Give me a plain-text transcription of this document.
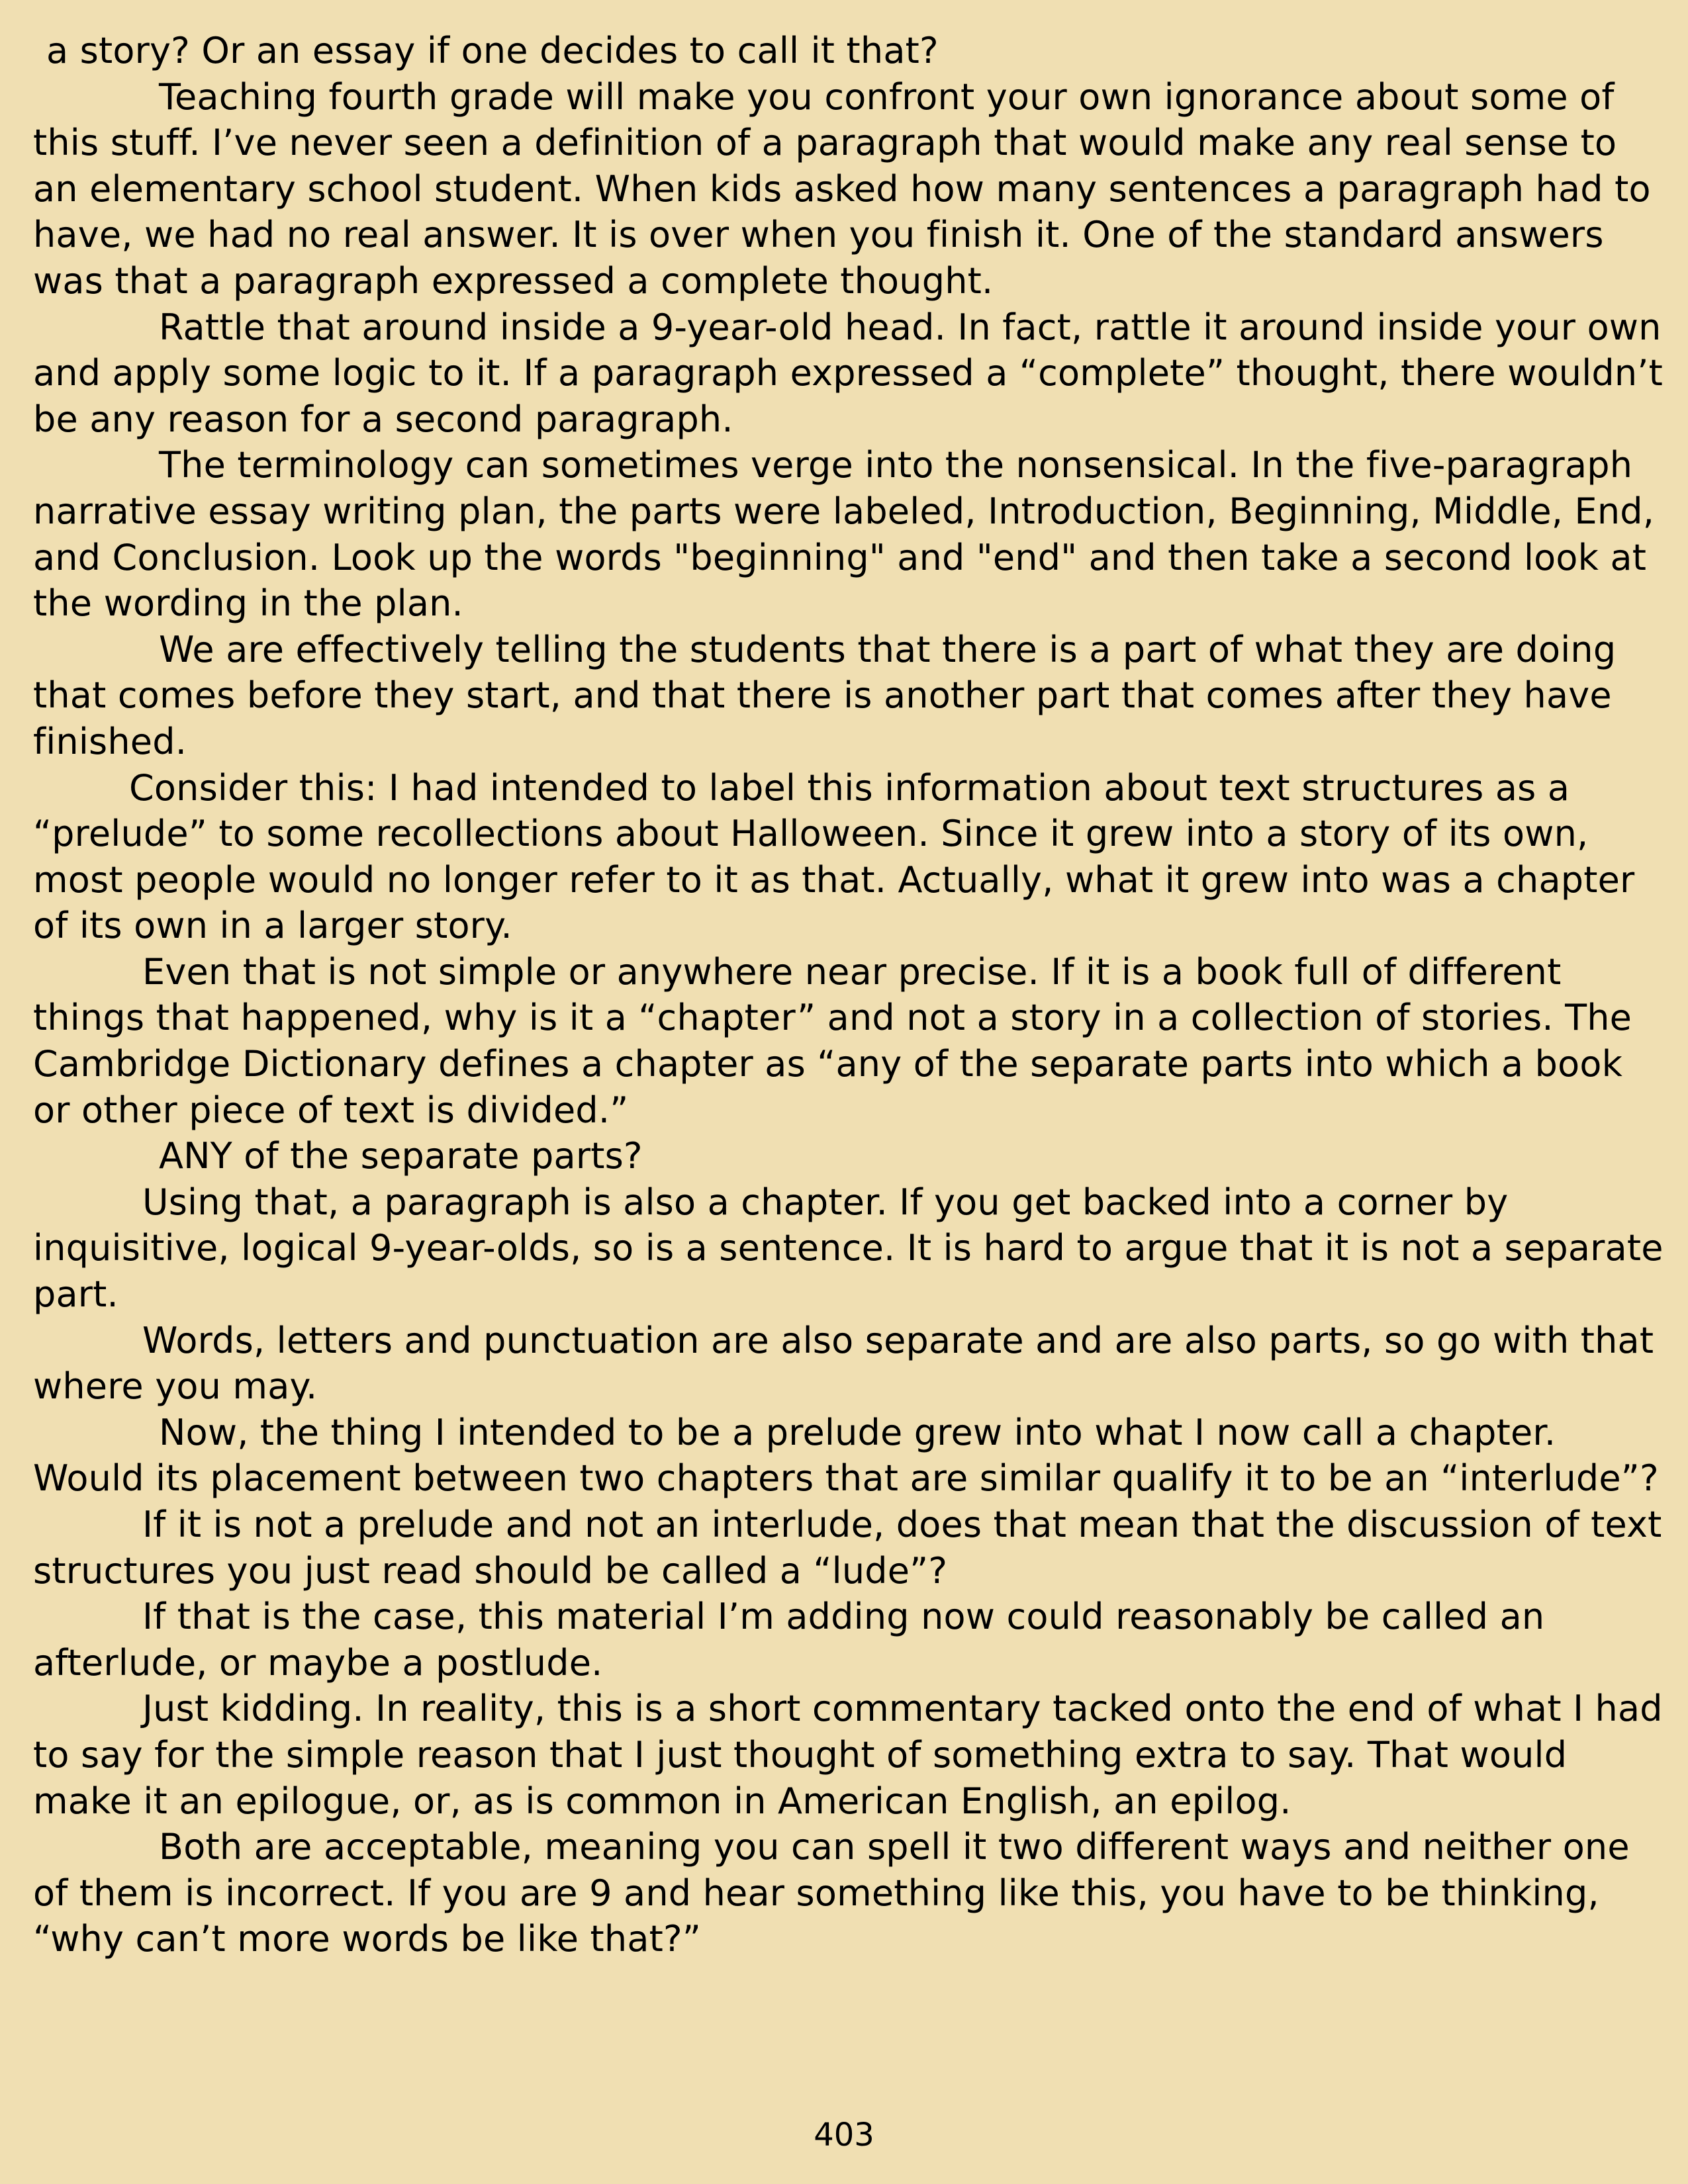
a story? Or an essay if one decides to call it that?

Teaching fourth grade will make you confront your own ignorance about some of this stuff. I’ve never seen a definition of a paragraph that would make any real sense to an elementary school student. When kids asked how many sentences a paragraph had to have, we had no real answer. It is over when you finish it. One of the standard answers was that a paragraph expressed a complete thought.

Rattle that around inside a 9-year-old head. In fact, rattle it around inside your own and apply some logic to it. If a paragraph expressed a “complete” thought, there wouldn’t be any reason for a second paragraph.

The terminology can sometimes verge into the nonsensical. In the five-paragraph narrative essay writing plan, the parts were labeled, Introduction, Beginning, Middle, End, and Conclusion. Look up the words "beginning" and "end" and then take a second look at the wording in the plan.

We are effectively telling the students that there is a part of what they are doing that comes before they start, and that there is another part that comes after they have finished.

Consider this: I had intended to label this information about text structures as a “prelude” to some recollections about Halloween. Since it grew into a story of its own, most people would no longer refer to it as that. Actually, what it grew into was a chapter of its own in a larger story.

Even that is not simple or anywhere near precise. If it is a book full of different things that happened, why is it a “chapter” and not a story in a collection of stories. The Cambridge Dictionary defines a chapter as “any of the separate parts into which a book or other piece of text is divided.”

ANY of the separate parts?

Using that, a paragraph is also a chapter. If you get backed into a corner by inquisitive, logical 9-year-olds, so is a sentence. It is hard to argue that it is not a separate part.

Words, letters and punctuation are also separate and are also parts, so go with that where you may.

Now, the thing I intended to be a prelude grew into what I now call a chapter. Would its placement between two chapters that are similar qualify it to be an “interlude”?

If it is not a prelude and not an interlude, does that mean that the discussion of text structures you just read should be called a “lude”?

If that is the case, this material I’m adding now could reasonably be called an afterlude, or maybe a postlude.

Just kidding. In reality, this is a short commentary tacked onto the end of what I had to say for the simple reason that I just thought of something extra to say. That would make it an epilogue, or, as is common in American English, an epilog.

Both are acceptable, meaning you can spell it two different ways and neither one of them is incorrect. If you are 9 and hear something like this, you have to be thinking, “why can’t more words be like that?”

403
